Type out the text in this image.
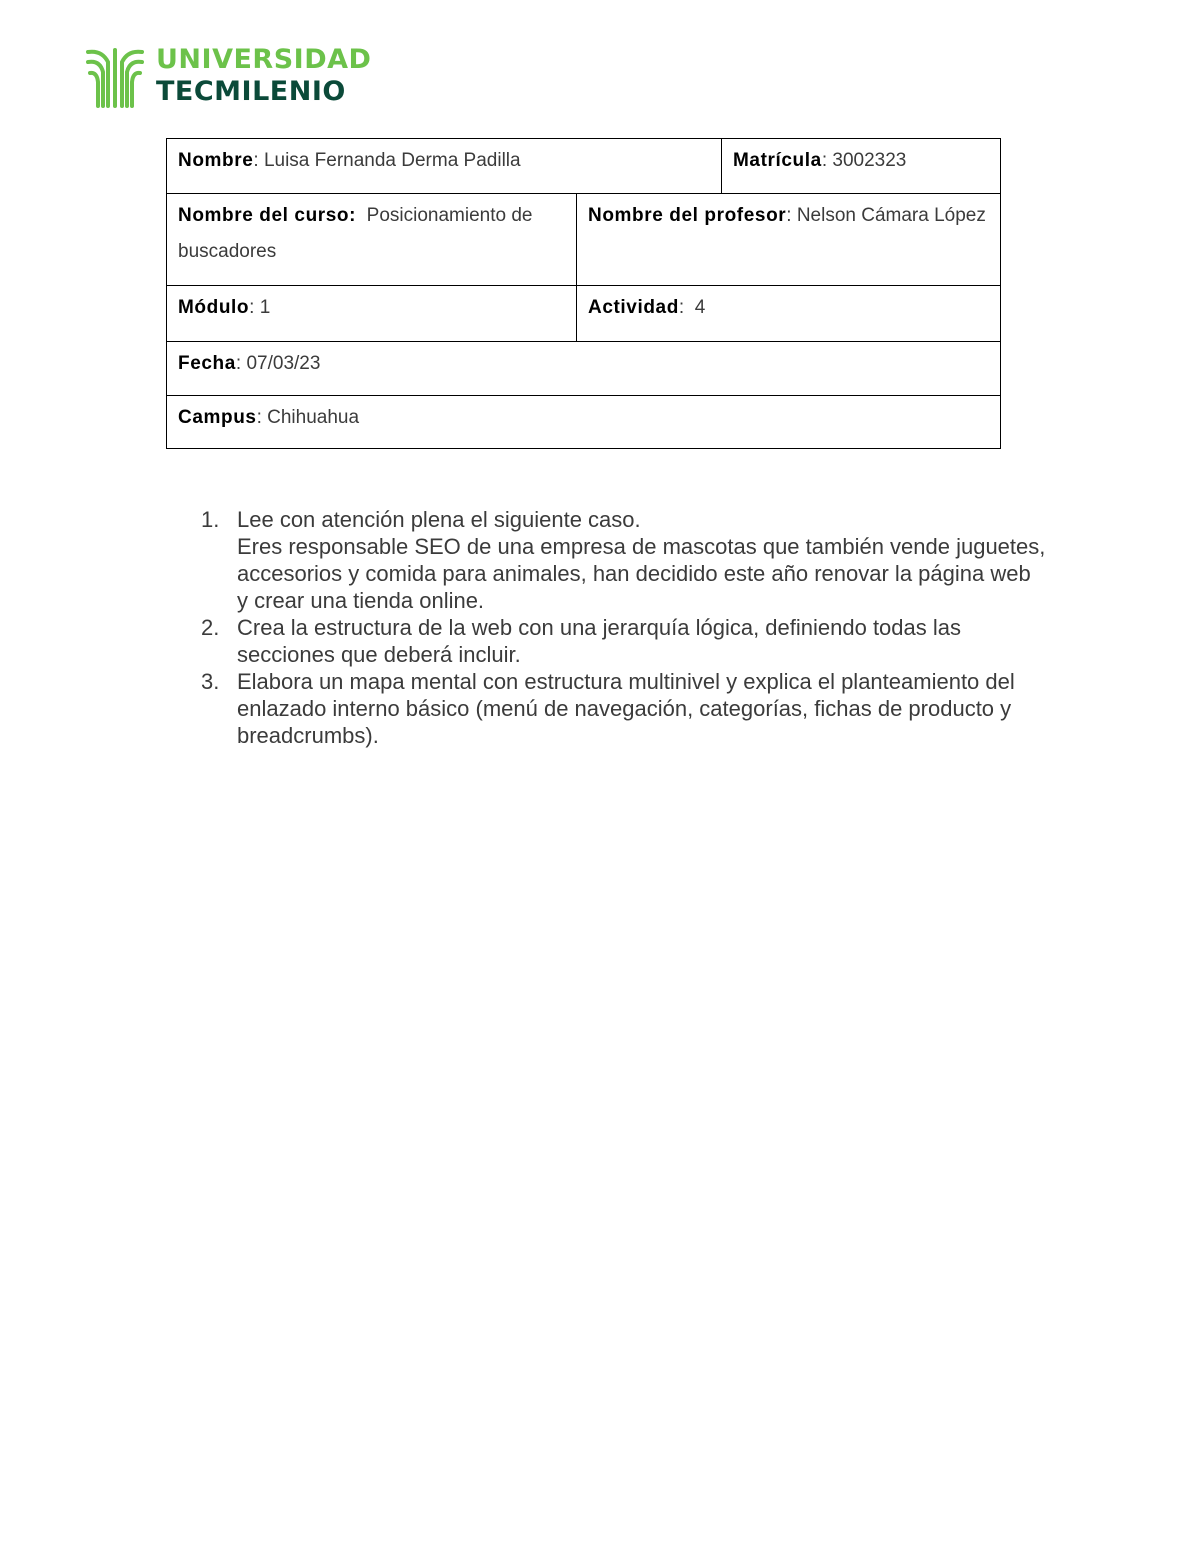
UNIVERSIDAD
TECMILENIO
Nombre: Luisa Fernanda Derma Padilla	Matrícula: 3002323
Nombre del curso: Posicionamiento de buscadores
Nombre del profesor: Nelson Cámara López
Módulo: 1	Actividad:  4
Fecha: 07/03/23
Campus: Chihuahua
1. Lee con atención plena el siguiente caso.
Eres responsable SEO de una empresa de mascotas que también vende juguetes, accesorios y comida para animales, han decidido este año renovar la página web y crear una tienda online.
2. Crea la estructura de la web con una jerarquía lógica, definiendo todas las secciones que deberá incluir.
3. Elabora un mapa mental con estructura multinivel y explica el planteamiento del enlazado interno básico (menú de navegación, categorías, fichas de producto y breadcrumbs).
